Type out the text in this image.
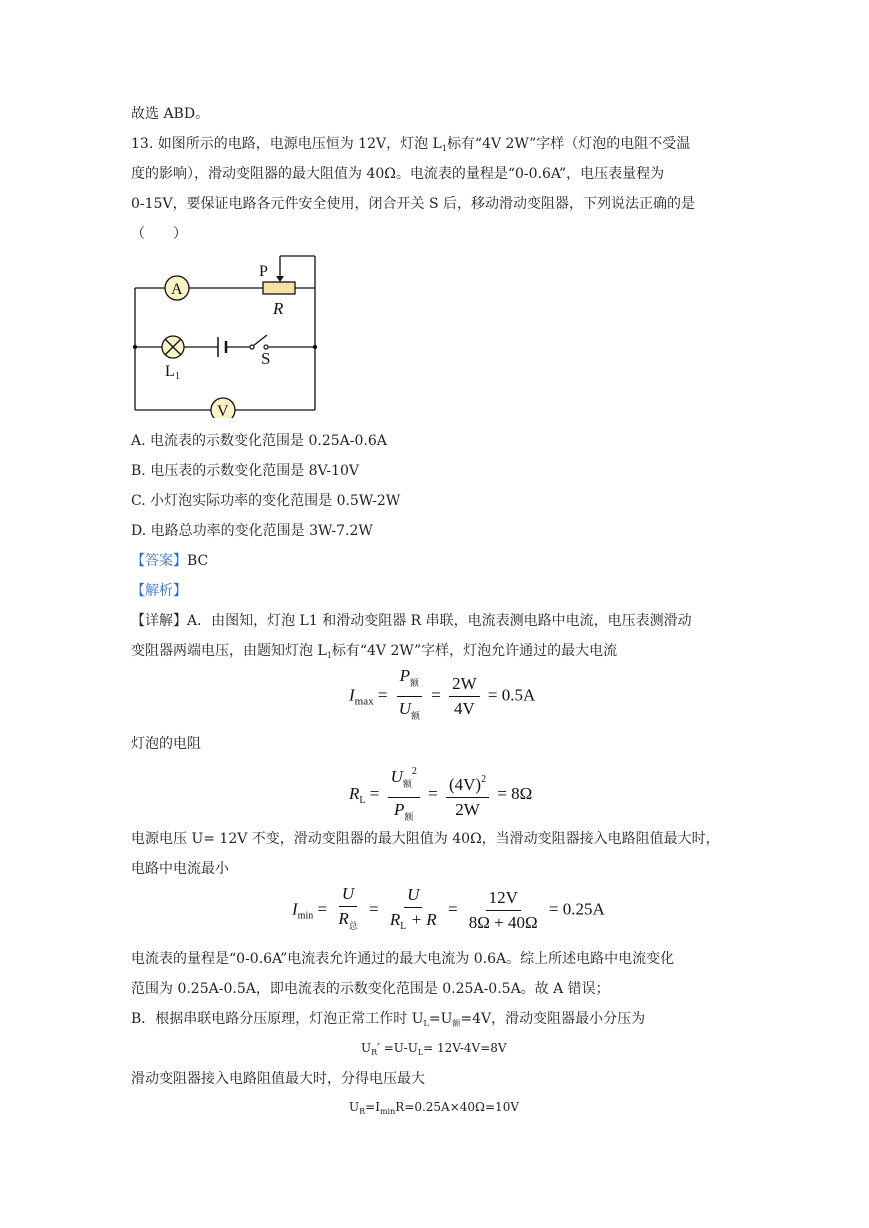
故选 ABD。
13. 如图所示的电路，电源电压恒为 12V，灯泡 $L_1$标有“4V 2W”字样（灯泡的电阻不受温
度的影响），滑动变阻器的最大阻值为 40Ω。电流表的量程是“0-0.6A”，电压表量程为
0-15V，要保证电路各元件安全使用，闭合开关 S 后，移动滑动变阻器，下列说法正确的是
（　　）
P
R
A
L 1
S
V
A. 电流表的示数变化范围是 0.25A-0.6A
B. 电压表的示数变化范围是 8V-10V
C. 小灯泡实际功率的变化范围是 0.5W-2W
D. 电路总功率的变化范围是 3W-7.2W
【答案】BC
【解析】
【详解】A．由图知，灯泡 L1 和滑动变阻器 R 串联，电流表测电路中电流，电压表测滑动
变阻器两端电压，由题知灯泡 $L_1$标有“4V 2W”字样，灯泡允许通过的最大电流
$I_{max} = \frac{P_额}{U_额} = \frac{2W}{4V} = 0.5A$
灯泡的电阻
$R_L = \frac{U_额^2}{P_额} = \frac{(4V)^2}{2W} = 8\Omega$
电源电压 U= 12V 不变，滑动变阻器的最大阻值为 40Ω，当滑动变阻器接入电路阻值最大时，
电路中电流最小
$I_{min} = \frac{U}{R_总} = \frac{U}{R_L + R} = \frac{12V}{8\Omega + 40\Omega} = 0.25A$
电流表的量程是“0-0.6A”电流表允许通过的最大电流为 0.6A。综上所述电路中电流变化
范围为 0.25A-0.5A，即电流表的示数变化范围是 0.25A-0.5A。故 A 错误；
B．根据串联电路分压原理，灯泡正常工作时 $U_L=U_额=4V$，滑动变阻器最小分压为
$U_R' =U-U_L= 12V-4V=8V$
滑动变阻器接入电路阻值最大时，分得电压最大
$U_R=I_{min}R=0.25A\times 40\Omega=10V$
